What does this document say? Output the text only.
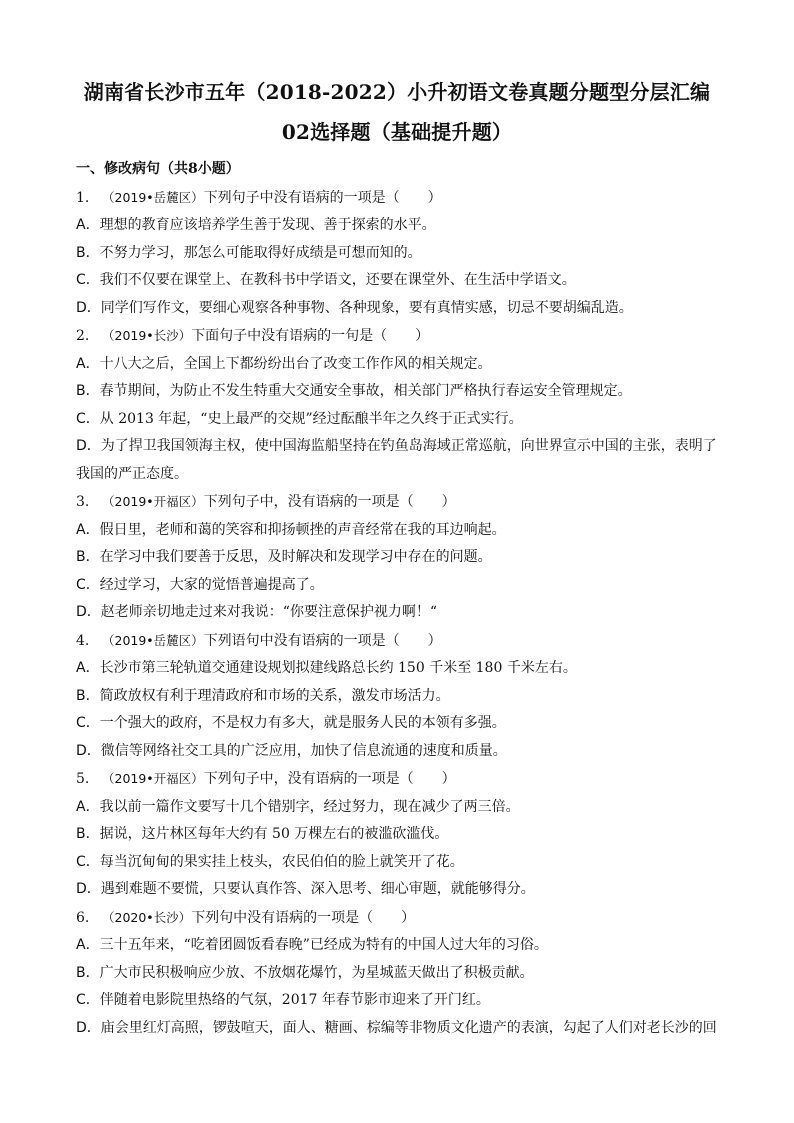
湖南省长沙市五年（2018-2022）小升初语文卷真题分题型分层汇编
02选择题（基础提升题）
一、修改病句（共8小题）
1. （2019•岳麓区）下列句子中没有语病的一项是（　　）
A．理想的教育应该培养学生善于发现、善于探索的水平。
B．不努力学习，那怎么可能取得好成绩是可想而知的。
C．我们不仅要在课堂上、在教科书中学语文，还要在课堂外、在生活中学语文。
D．同学们写作文，要细心观察各种事物、各种现象，要有真情实感，切忌不要胡编乱造。
2. （2019•长沙）下面句子中没有语病的一句是（　　）
A．十八大之后，全国上下都纷纷出台了改变工作作风的相关规定。
B．春节期间，为防止不发生特重大交通安全事故，相关部门严格执行春运安全管理规定。
C．从 2013 年起，“史上最严的交规”经过酝酿半年之久终于正式实行。
D．为了捍卫我国领海主权，使中国海监船坚持在钓鱼岛海域正常巡航，向世界宣示中国的主张，表明了
我国的严正态度。
3. （2019•开福区）下列句子中，没有语病的一项是（　　）
A．假日里，老师和蔼的笑容和抑扬顿挫的声音经常在我的耳边响起。
B．在学习中我们要善于反思，及时解决和发现学习中存在的问题。
C．经过学习，大家的觉悟普遍提高了。
D．赵老师亲切地走过来对我说：“你要注意保护视力啊！“
4. （2019•岳麓区）下列语句中没有语病的一项是（　　）
A．长沙市第三轮轨道交通建设规划拟建线路总长约 150 千米至 180 千米左右。
B．简政放权有利于理清政府和市场的关系，激发市场活力。
C．一个强大的政府，不是权力有多大，就是服务人民的本领有多强。
D．微信等网络社交工具的广泛应用，加快了信息流通的速度和质量。
5. （2019•开福区）下列句子中，没有语病的一项是（　　）
A．我以前一篇作文要写十几个错别字，经过努力，现在减少了两三倍。
B．据说，这片林区每年大约有 50 万棵左右的被滥砍滥伐。
C．每当沉甸甸的果实挂上枝头，农民伯伯的脸上就笑开了花。
D．遇到难题不要慌，只要认真作答、深入思考、细心审题，就能够得分。
6. （2020•长沙）下列句中没有语病的一项是（　　）
A．三十五年来，“吃着团圆饭看春晚”已经成为特有的中国人过大年的习俗。
B．广大市民积极响应少放、不放烟花爆竹，为星城蓝天做出了积极贡献。
C．伴随着电影院里热络的气氛，2017 年春节影市迎来了开门红。
D．庙会里红灯高照，锣鼓喧天，面人、糖画、棕编等非物质文化遗产的表演，勾起了人们对老长沙的回
